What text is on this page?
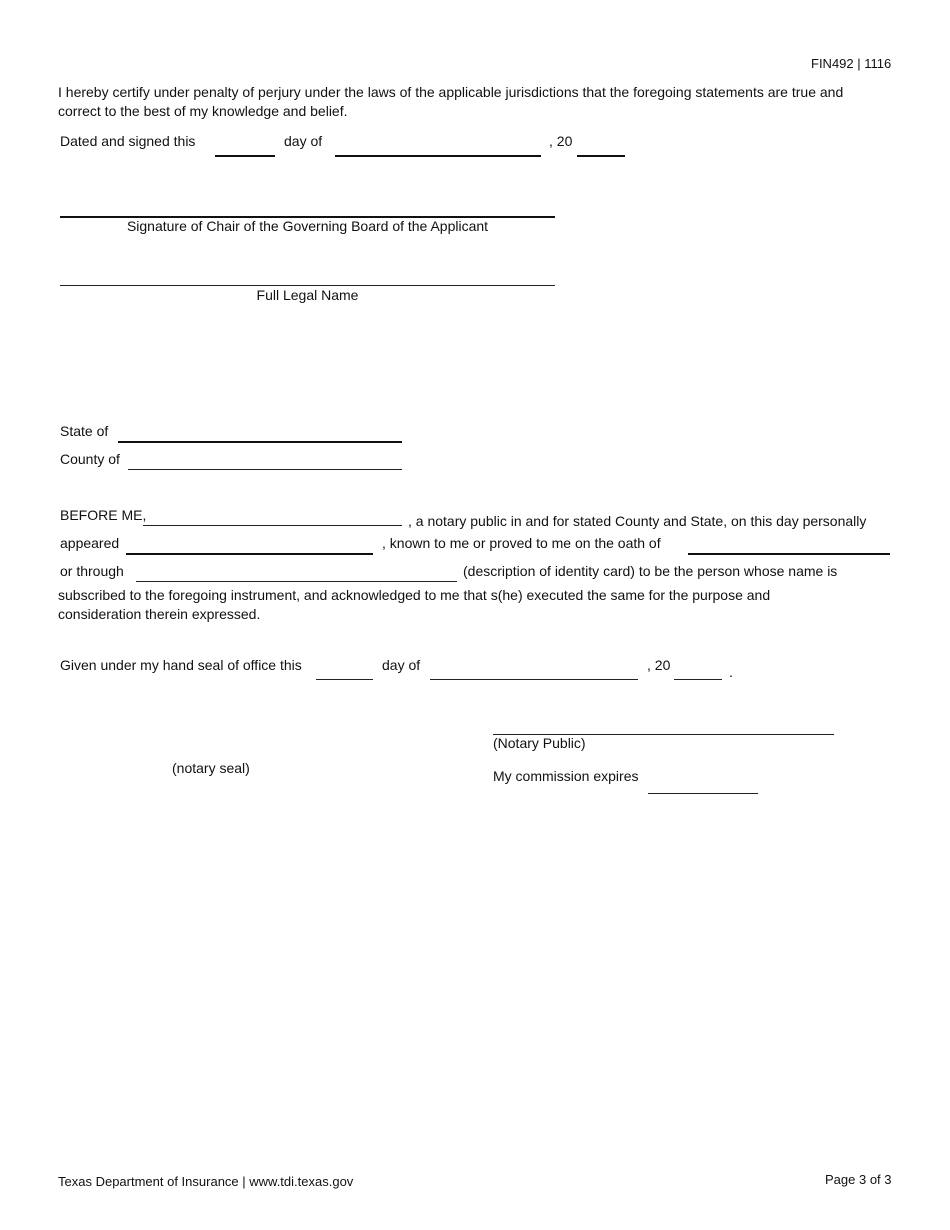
FIN492 | 1116
I hereby certify under penalty of perjury under the laws of the applicable jurisdictions that the foregoing statements are true and correct to the best of my knowledge and belief.
Dated and signed this	day of	, 20
Signature of Chair of the Governing Board of the Applicant
Full Legal Name
State of
County of
BEFORE ME,	, a notary public in and for stated County and State, on this day personally
appeared	, known to me or proved to me on the oath of
or through	(description of identity card) to be the person whose name is
subscribed to the foregoing instrument, and acknowledged to me that s(he) executed the same for the purpose and consideration therein expressed.
Given under my hand seal of office this	day of	, 20	.
(Notary Public)
(notary seal)	My commission expires
Texas Department of Insurance | www.tdi.texas.gov	Page 3 of 3
